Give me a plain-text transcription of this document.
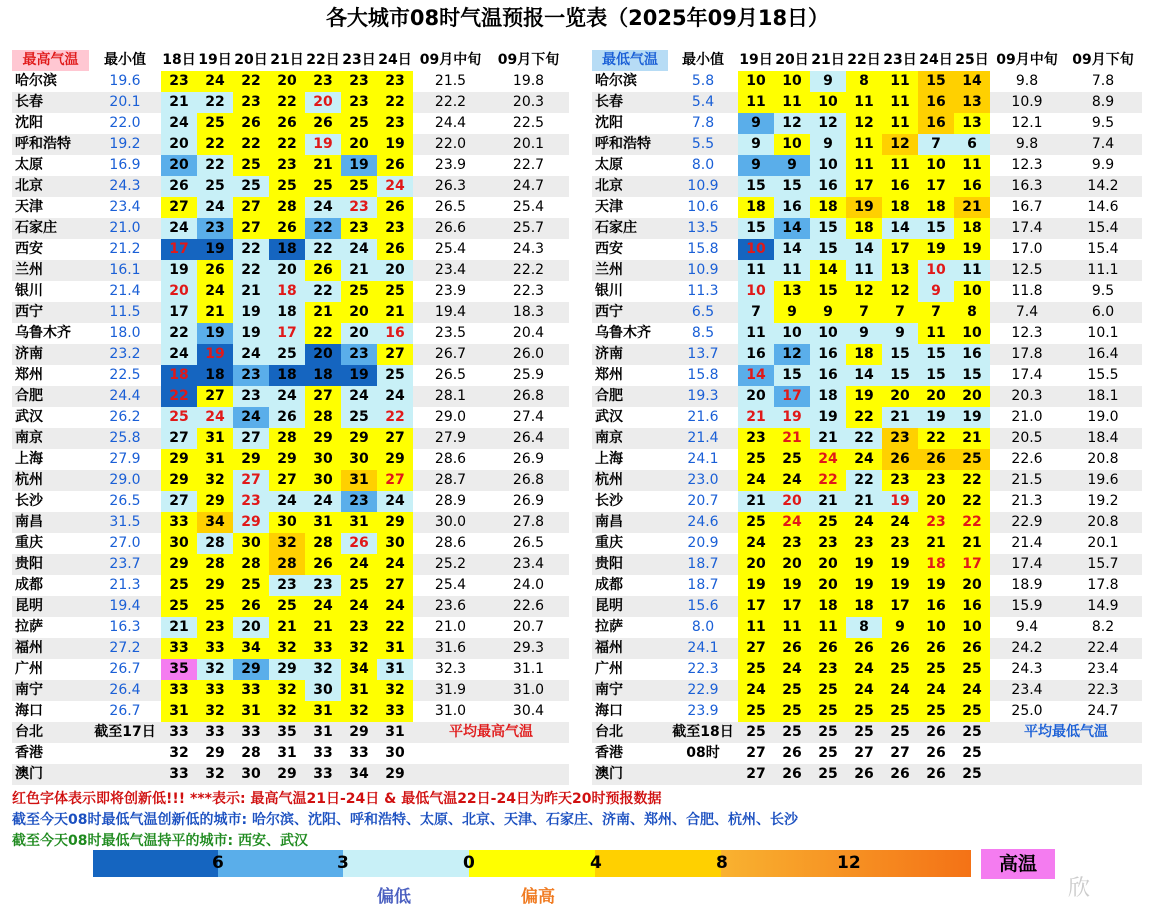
各大城市08时气温预报一览表（2025年09月18日）
最高气温	最小值	18日	19日	20日	21日	22日	23日	24日	09月中旬	09月下旬
哈尔滨	19.6	23	24	22	20	23	23	23	21.5	19.8
长春	20.1	21	22	23	22	20	23	22	22.2	20.3
沈阳	22.0	24	25	26	26	26	25	23	24.4	22.5
呼和浩特	19.2	20	22	22	22	19	20	19	22.0	20.1
太原	16.9	20	22	25	23	21	19	26	23.9	22.7
北京	24.3	26	25	25	25	25	25	24	26.3	24.7
天津	23.4	27	24	27	28	24	23	26	26.5	25.4
石家庄	21.0	24	23	27	26	22	23	23	26.6	25.7
西安	21.2	17	19	22	18	22	24	26	25.4	24.3
兰州	16.1	19	26	22	20	26	21	20	23.4	22.2
银川	21.4	20	24	21	18	22	25	25	23.9	22.3
西宁	11.5	17	21	19	18	21	20	21	19.4	18.3
乌鲁木齐	18.0	22	19	19	17	22	20	16	23.5	20.4
济南	23.2	24	19	24	25	20	23	27	26.7	26.0
郑州	22.5	18	18	23	18	18	19	25	26.5	25.9
合肥	24.4	22	27	23	24	27	24	24	28.1	26.8
武汉	26.2	25	24	24	26	28	25	22	29.0	27.4
南京	25.8	27	31	27	28	29	29	27	27.9	26.4
上海	27.9	29	31	29	29	30	30	29	28.6	26.9
杭州	29.0	29	32	27	27	30	31	27	28.7	26.8
长沙	26.5	27	29	23	24	24	23	24	28.9	26.9
南昌	31.5	33	34	29	30	31	31	29	30.0	27.8
重庆	27.0	30	28	30	32	28	26	30	28.6	26.5
贵阳	23.7	29	28	28	28	26	24	24	25.2	23.4
成都	21.3	25	29	25	23	23	25	27	25.4	24.0
昆明	19.4	25	25	26	25	24	24	24	23.6	22.6
拉萨	16.3	21	23	20	21	21	23	22	21.0	20.7
福州	27.2	33	33	34	32	33	32	31	31.6	29.3
广州	26.7	35	32	29	29	32	34	31	32.3	31.1
南宁	26.4	33	33	33	32	30	31	32	31.9	31.0
海口	26.7	31	32	31	32	31	32	33	31.0	30.4
台北	截至17日	33	33	33	35	31	29	31	平均最高气温	
香港		32	29	28	31	33	33	30		
澳门		33	32	30	29	33	34	29		
最低气温	最小值	19日	20日	21日	22日	23日	24日	25日	09月中旬	09月下旬
哈尔滨	5.8	10	10	9	8	11	15	14	9.8	7.8
长春	5.4	11	11	10	11	11	16	13	10.9	8.9
沈阳	7.8	9	12	12	12	11	16	13	12.1	9.5
呼和浩特	5.5	9	10	9	11	12	7	6	9.8	7.4
太原	8.0	9	9	10	11	11	10	11	12.3	9.9
北京	10.9	15	15	16	17	16	17	16	16.3	14.2
天津	10.6	18	16	18	19	18	18	21	16.7	14.6
石家庄	13.5	15	14	15	18	14	15	18	17.4	15.4
西安	15.8	10	14	15	14	17	19	19	17.0	15.4
兰州	10.9	11	11	14	11	13	10	11	12.5	11.1
银川	11.3	10	13	15	12	12	9	10	11.8	9.5
西宁	6.5	7	9	9	7	7	7	8	7.4	6.0
乌鲁木齐	8.5	11	10	10	9	9	11	10	12.3	10.1
济南	13.7	16	12	16	18	15	15	16	17.8	16.4
郑州	15.8	14	15	16	14	15	15	15	17.4	15.5
合肥	19.3	20	17	18	19	20	20	20	20.3	18.1
武汉	21.6	21	19	19	22	21	19	19	21.0	19.0
南京	21.4	23	21	21	22	23	22	21	20.5	18.4
上海	24.1	25	25	24	24	26	26	25	22.6	20.8
杭州	23.0	24	24	22	22	23	23	22	21.5	19.6
长沙	20.7	21	20	21	21	19	20	22	21.3	19.2
南昌	24.6	25	24	25	24	24	23	22	22.9	20.8
重庆	20.9	24	23	23	23	23	21	21	21.4	20.1
贵阳	18.7	20	20	20	19	19	18	17	17.4	15.7
成都	18.7	19	19	20	19	19	19	20	18.9	17.8
昆明	15.6	17	17	18	18	17	16	16	15.9	14.9
拉萨	8.0	11	11	11	8	9	10	10	9.4	8.2
福州	24.1	27	26	26	26	26	26	26	24.2	22.4
广州	22.3	25	24	23	24	25	25	25	24.3	23.4
南宁	22.9	24	25	25	24	24	24	24	23.4	22.3
海口	23.9	25	25	25	25	25	25	25	25.0	24.7
台北	截至18日	25	25	25	25	25	26	25	平均最低气温	
香港	08时	27	26	25	27	27	26	25		
澳门		27	26	25	26	26	26	25		
红色字体表示即将创新低!!! ***表示: 最高气温21日-24日 & 最低气温22日-24日为昨天20时预报数据
截至今天08时最低气温创新低的城市: 哈尔滨、沈阳、呼和浩特、太原、北京、天津、石家庄、济南、郑州、合肥、杭州、长沙
截至今天08时最低气温持平的城市: 西安、武汉
6	3	0	4	8	12
偏低	偏高
高温
欣
